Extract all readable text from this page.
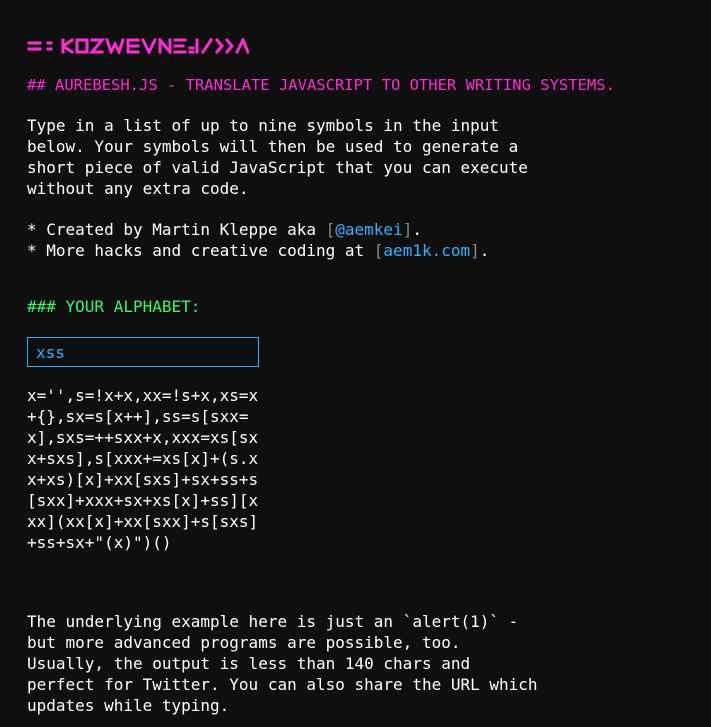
## AUREBESH.JS - TRANSLATE JAVASCRIPT TO OTHER WRITING SYSTEMS.
Type in a list of up to nine symbols in the input
below. Your symbols will then be used to generate a
short piece of valid JavaScript that you can execute
without any extra code.
* Created by Martin Kleppe aka [@aemkei].
* More hacks and creative coding at [aem1k.com].
### YOUR ALPHABET:
xss
x='',s=!x+x,xx=!s+x,xs=x
+{},sx=s[x++],ss=s[sxx=
x],sxs=++sxx+x,xxx=xs[sx
x+sxs],s[xxx+=xs[x]+(s.x
x+xs)[x]+xx[sxs]+sx+ss+s
[sxx]+xxx+sx+xs[x]+ss][x
xx](xx[x]+xx[sxx]+s[sxs]
+ss+sx+"(x)")()
The underlying example here is just an `alert(1)` -
but more advanced programs are possible, too.
Usually, the output is less than 140 chars and
perfect for Twitter. You can also share the URL which
updates while typing.
